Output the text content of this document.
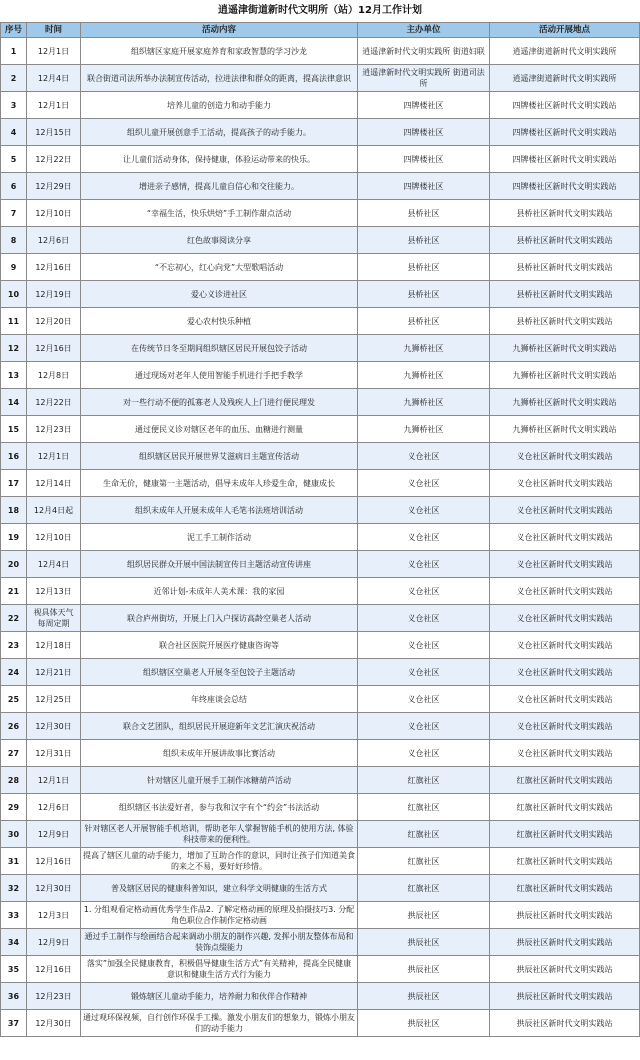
逍遥津街道新时代文明所（站）12月工作计划
序号	时间	活动内容	主办单位	活动开展地点
1	12月1日	组织辖区家庭开展家庭养育和家政智慧的学习沙龙	逍遥津新时代文明实践所 街道妇联	逍遥津街道新时代文明实践所
2	12月4日	联合街道司法所举办法制宣传活动，拉进法律和群众的距离，提高法律意识	逍遥津新时代文明实践所 街道司法所	逍遥津街道新时代文明实践所
3	12月1日	培养儿童的创造力和动手能力	四牌楼社区	四牌楼社区新时代文明实践站
4	12月15日	组织儿童开展创意手工活动，提高孩子的动手能力。	四牌楼社区	四牌楼社区新时代文明实践站
5	12月22日	让儿童们活动身体，保持健康，体验运动带来的快乐。	四牌楼社区	四牌楼社区新时代文明实践站
6	12月29日	增进亲子感情，提高儿童自信心和交往能力。	四牌楼社区	四牌楼社区新时代文明实践站
7	12月10日	“幸福生活，快乐烘焙”手工制作甜点活动	县桥社区	县桥社区新时代文明实践站
8	12月6日	红色故事阅读分享	县桥社区	县桥社区新时代文明实践站
9	12月16日	“不忘初心，红心向党”大型歌唱活动	县桥社区	县桥社区新时代文明实践站
10	12月19日	爱心义诊进社区	县桥社区	县桥社区新时代文明实践站
11	12月20日	爱心农村快乐种植	县桥社区	县桥社区新时代文明实践站
12	12月16日	在传统节日冬至期间组织辖区居民开展包饺子活动	九狮桥社区	九狮桥社区新时代文明实践站
13	12月8日	通过现场对老年人使用智能手机进行手把手教学	九狮桥社区	九狮桥社区新时代文明实践站
14	12月22日	对一些行动不便的孤寡老人及残疾人上门进行便民理发	九狮桥社区	九狮桥社区新时代文明实践站
15	12月23日	通过便民义诊对辖区老年的血压、血糖进行测量	九狮桥社区	九狮桥社区新时代文明实践站
16	12月1日	组织辖区居民开展世界艾滋病日主题宣传活动	义仓社区	义仓社区新时代文明实践站
17	12月14日	生命无价，健康第一主题活动，倡导未成年人珍爱生命，健康成长	义仓社区	义仓社区新时代文明实践站
18	12月4日起	组织未成年人开展未成年人毛笔书法班培训活动	义仓社区	义仓社区新时代文明实践站
19	12月10日	泥工手工制作活动	义仓社区	义仓社区新时代文明实践站
20	12月4日	组织居民群众开展中国法制宣传日主题活动宣传讲座	义仓社区	义仓社区新时代文明实践站
21	12月13日	近邻计划-未成年人美术课：我的家园	义仓社区	义仓社区新时代文明实践站
22	视具体天气 每周定期	联合庐州街坊，开展上门入户探访高龄空巢老人活动	义仓社区	义仓社区新时代文明实践站
23	12月18日	联合社区医院开展医疗健康咨询等	义仓社区	义仓社区新时代文明实践站
24	12月21日	组织辖区空巢老人开展冬至包饺子主题活动	义仓社区	义仓社区新时代文明实践站
25	12月25日	年终座谈会总结	义仓社区	义仓社区新时代文明实践站
26	12月30日	联合文艺团队，组织居民开展迎新年文艺汇演庆祝活动	义仓社区	义仓社区新时代文明实践站
27	12月31日	组织未成年开展讲故事比赛活动	义仓社区	义仓社区新时代文明实践站
28	12月1日	针对辖区儿童开展手工制作冰糖葫芦活动	红旗社区	红旗社区新时代文明实践站
29	12月6日	组织辖区书法爱好者，参与我和汉字有个“约会”书法活动	红旗社区	红旗社区新时代文明实践站
30	12月9日	针对辖区老人开展智能手机培训，帮助老年人掌握智能手机的使用方法, 体验科技带来的便利性。	红旗社区	红旗社区新时代文明实践站
31	12月16日	提高了辖区儿童的动手能力，增加了互助合作的意识，同时让孩子们知道美食的来之不易，要好好珍惜。	红旗社区	红旗社区新时代文明实践站
32	12月30日	普及辖区居民的健康科普知识，建立科学文明健康的生活方式	红旗社区	红旗社区新时代文明实践站
33	12月3日	1. 分组观看定格动画优秀学生作品2. 了解定格动画的原理及拍摄技巧3. 分配角色职位合作制作定格动画	拱辰社区	拱辰社区新时代文明实践站
34	12月9日	通过手工制作与绘画结合起来调动小朋友的制作兴趣, 发挥小朋友整体布局和装饰点缀能力	拱辰社区	拱辰社区新时代文明实践站
35	12月16日	落实”加强全民健康教育，积极倡导健康生活方式”有关精神，提高全民健康意识和健康生活方式行为能力	拱辰社区	拱辰社区新时代文明实践站
36	12月23日	锻炼辖区儿童动手能力，培养耐力和伙伴合作精神	拱辰社区	拱辰社区新时代文明实践站
37	12月30日	通过观环保视频，自行创作环保手工操。激发小朋友们的想象力，锻炼小朋友们的动手能力	拱辰社区	拱辰社区新时代文明实践站
